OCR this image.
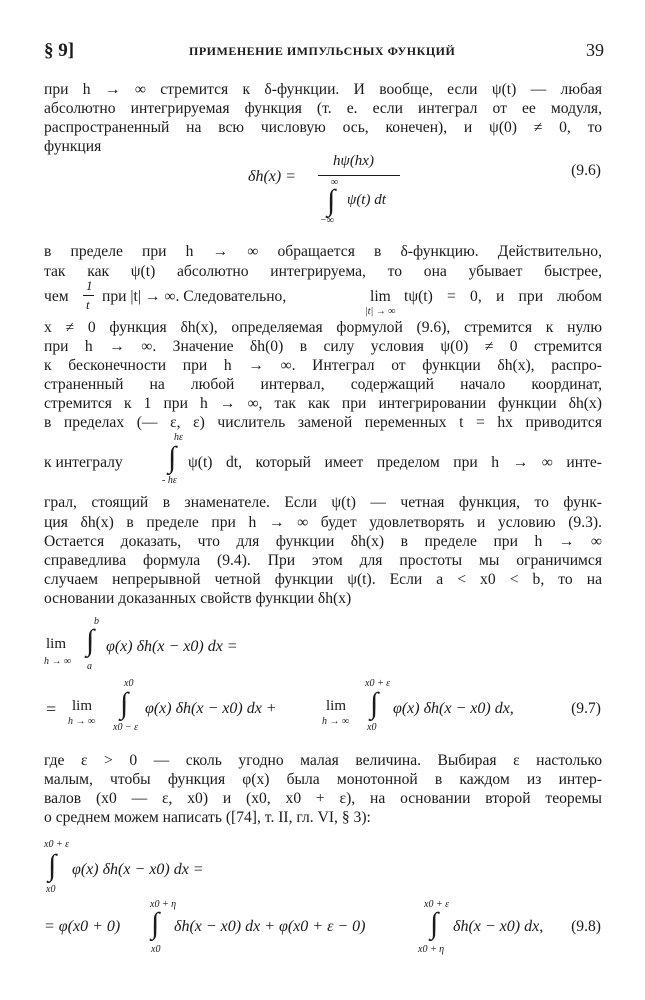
§ 9]	ПРИМЕНЕНИЕ ИМПУЛЬСНЫХ ФУНКЦИЙ	39
при h → ∞ стремится к δ-функции. И вообще, если ψ(t) — любая
абсолютно интегрируемая функция (т. е. если интеграл от ее модуля,
распространенный на всю числовую ось, конечен), и ψ(0) ≠ 0, то
функция
δh(x) =
hψ(hx)
∞
∫
−∞
ψ(t) dt
(9.6)
в пределе при h → ∞ обращается в δ-функцию. Действительно,
так как ψ(t) абсолютно интегрируема, то она убывает быстрее,
чем
1
t при |t| → ∞. Следовательно,	lim
|t| → ∞
tψ(t) = 0, и при любом
x ≠ 0 функция δh(x), определяемая формулой (9.6), стремится к нулю
при h → ∞. Значение δh(0) в силу условия ψ(0) ≠ 0 стремится
к бесконечности при h → ∞. Интеграл от функции δh(x), распро-
страненный на любой интервал, содержащий начало координат,
стремится к 1 при h → ∞, так как при интегрировании функции δh(x)
в пределах (— ε, ε) числитель заменой переменных t = hx приводится
к интегралу
hε
∫
- hε
ψ(t) dt, который имеет пределом при h → ∞ инте-
грал, стоящий в знаменателе. Если ψ(t) — четная функция, то функ-
ция δh(x) в пределе при h → ∞ будет удовлетворять и условию (9.3).
Остается доказать, что для функции δh(x) в пределе при h → ∞
справедлива формула (9.4). При этом для простоты мы ограничимся
случаем непрерывной четной функции ψ(t). Если a < x0 < b, то на
основании доказанных свойств функции δh(x)
lim
h → ∞
b
∫
a
φ(x) δh(x − x0) dx =
= lim
h → ∞
x0
∫
x0 − ε
φ(x) δh(x − x0) dx +	lim
h → ∞
x0 + ε
∫
x0
φ(x) δh(x − x0) dx,	(9.7)
где ε > 0 — сколь угодно малая величина. Выбирая ε настолько
малым, чтобы функция φ(x) была монотонной в каждом из интер-
валов (x0 — ε, x0) и (x0, x0 + ε), на основании второй теоремы
о среднем можем написать ([74], т. II, гл. VI, § 3):
x0 + ε
∫
x0
φ(x) δh(x − x0) dx =
= φ(x0 + 0)
x0 + η
∫
x0
δh(x − x0) dx + φ(x0 + ε − 0)
x0 + ε
∫
x0 + η
δh(x − x0) dx, (9.8)
